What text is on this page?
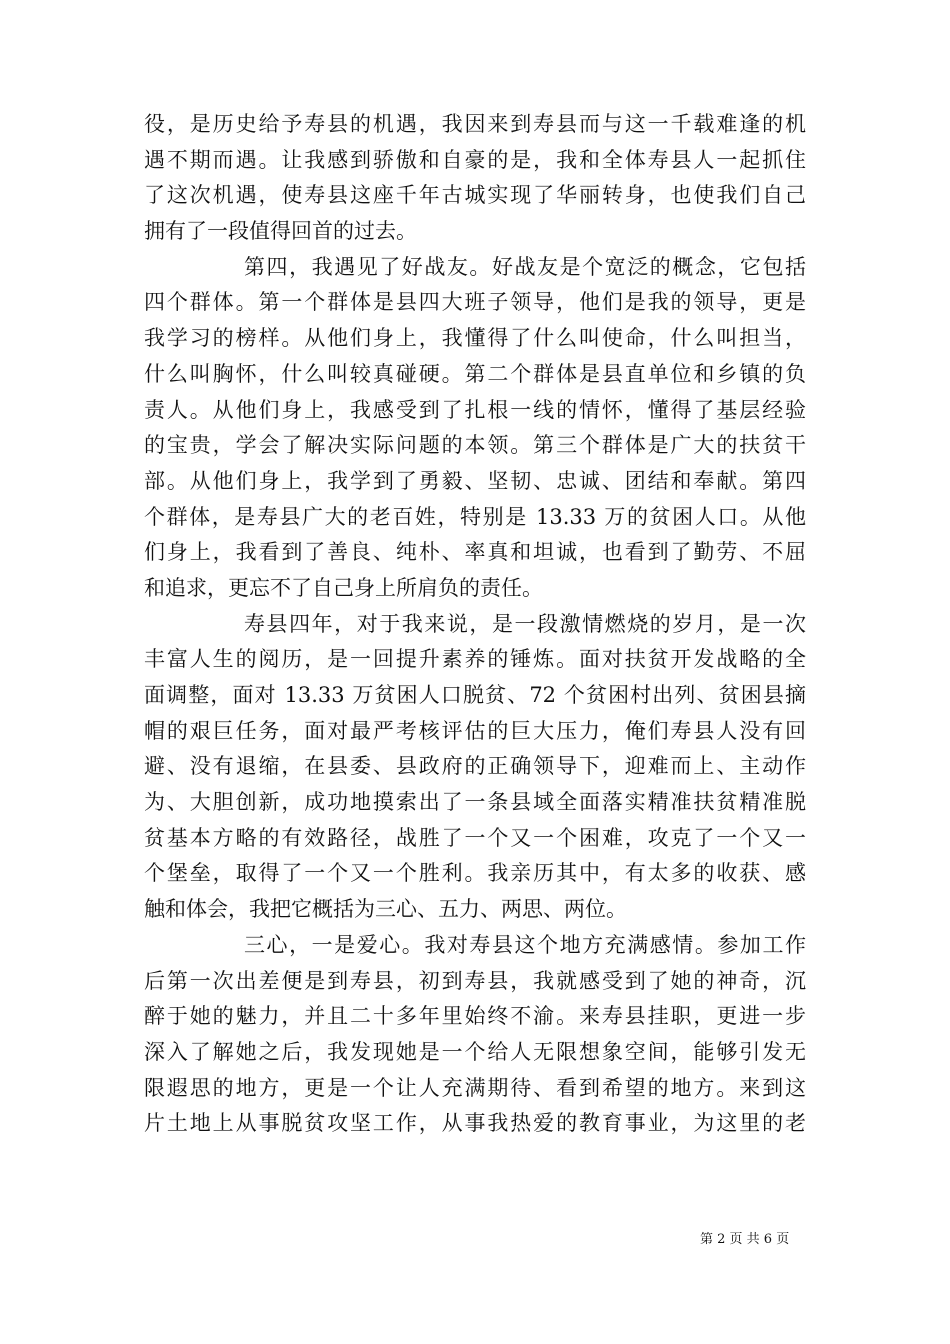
役，是历史给予寿县的机遇，我因来到寿县而与这一千载难逢的机
遇不期而遇。让我感到骄傲和自豪的是，我和全体寿县人一起抓住
了这次机遇，使寿县这座千年古城实现了华丽转身，也使我们自己
拥有了一段值得回首的过去。
第四，我遇见了好战友。好战友是个宽泛的概念，它包括
四个群体。第一个群体是县四大班子领导，他们是我的领导，更是
我学习的榜样。从他们身上，我懂得了什么叫使命，什么叫担当，
什么叫胸怀，什么叫较真碰硬。第二个群体是县直单位和乡镇的负
责人。从他们身上，我感受到了扎根一线的情怀，懂得了基层经验
的宝贵，学会了解决实际问题的本领。第三个群体是广大的扶贫干
部。从他们身上，我学到了勇毅、坚韧、忠诚、团结和奉献。第四
个群体，是寿县广大的老百姓，特别是 13.33 万的贫困人口。从他
们身上，我看到了善良、纯朴、率真和坦诚，也看到了勤劳、不屈
和追求，更忘不了自己身上所肩负的责任。
寿县四年，对于我来说，是一段激情燃烧的岁月，是一次
丰富人生的阅历，是一回提升素养的锤炼。面对扶贫开发战略的全
面调整，面对 13.33 万贫困人口脱贫、72 个贫困村出列、贫困县摘
帽的艰巨任务，面对最严考核评估的巨大压力，俺们寿县人没有回
避、没有退缩，在县委、县政府的正确领导下，迎难而上、主动作
为、大胆创新，成功地摸索出了一条县域全面落实精准扶贫精准脱
贫基本方略的有效路径，战胜了一个又一个困难，攻克了一个又一
个堡垒，取得了一个又一个胜利。我亲历其中，有太多的收获、感
触和体会，我把它概括为三心、五力、两思、两位。
三心，一是爱心。我对寿县这个地方充满感情。参加工作
后第一次出差便是到寿县，初到寿县，我就感受到了她的神奇，沉
醉于她的魅力，并且二十多年里始终不渝。来寿县挂职，更进一步
深入了解她之后，我发现她是一个给人无限想象空间，能够引发无
限遐思的地方，更是一个让人充满期待、看到希望的地方。来到这
片土地上从事脱贫攻坚工作，从事我热爱的教育事业，为这里的老
第 2 页 共 6 页
